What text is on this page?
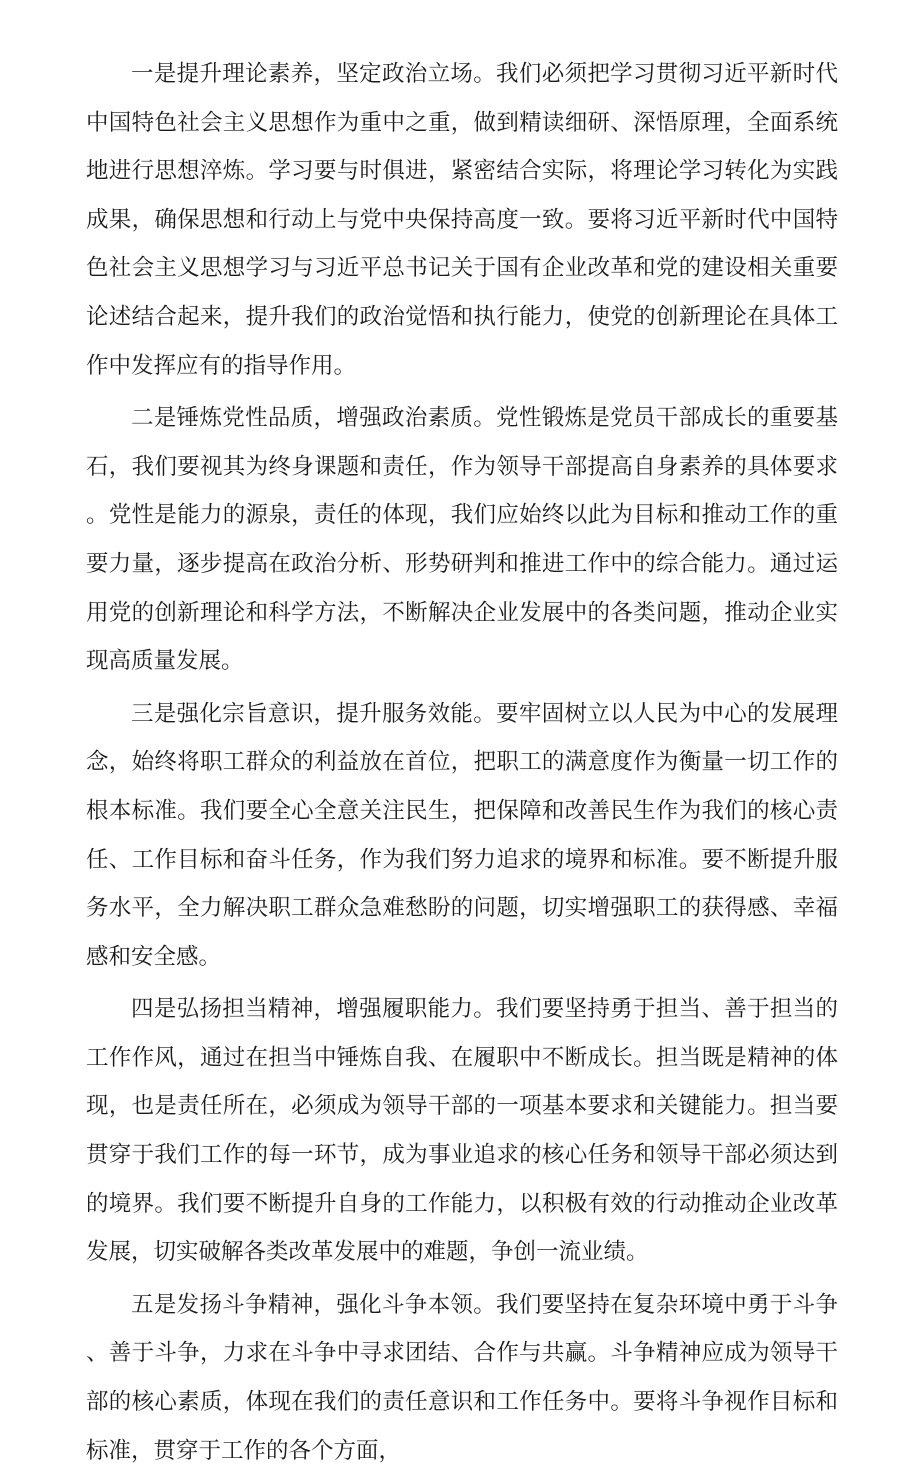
一是提升理论素养，坚定政治立场。我们必须把学习贯彻习近平新时代中国特色社会主义思想作为重中之重，做到精读细研、深悟原理，全面系统地进行思想淬炼。学习要与时俱进，紧密结合实际，将理论学习转化为实践成果，确保思想和行动上与党中央保持高度一致。要将习近平新时代中国特色社会主义思想学习与习近平总书记关于国有企业改革和党的建设相关重要论述结合起来，提升我们的政治觉悟和执行能力，使党的创新理论在具体工作中发挥应有的指导作用。

二是锤炼党性品质，增强政治素质。党性锻炼是党员干部成长的重要基石，我们要视其为终身课题和责任，作为领导干部提高自身素养的具体要求。党性是能力的源泉，责任的体现，我们应始终以此为目标和推动工作的重要力量，逐步提高在政治分析、形势研判和推进工作中的综合能力。通过运用党的创新理论和科学方法，不断解决企业发展中的各类问题，推动企业实现高质量发展。

三是强化宗旨意识，提升服务效能。要牢固树立以人民为中心的发展理念，始终将职工群众的利益放在首位，把职工的满意度作为衡量一切工作的根本标准。我们要全心全意关注民生，把保障和改善民生作为我们的核心责任、工作目标和奋斗任务，作为我们努力追求的境界和标准。要不断提升服务水平，全力解决职工群众急难愁盼的问题，切实增强职工的获得感、幸福感和安全感。

四是弘扬担当精神，增强履职能力。我们要坚持勇于担当、善于担当的工作作风，通过在担当中锤炼自我、在履职中不断成长。担当既是精神的体现，也是责任所在，必须成为领导干部的一项基本要求和关键能力。担当要贯穿于我们工作的每一环节，成为事业追求的核心任务和领导干部必须达到的境界。我们要不断提升自身的工作能力，以积极有效的行动推动企业改革发展，切实破解各类改革发展中的难题，争创一流业绩。

五是发扬斗争精神，强化斗争本领。我们要坚持在复杂环境中勇于斗争、善于斗争，力求在斗争中寻求团结、合作与共赢。斗争精神应成为领导干部的核心素质，体现在我们的责任意识和工作任务中。要将斗争视作目标和标准，贯穿于工作的各个方面，
